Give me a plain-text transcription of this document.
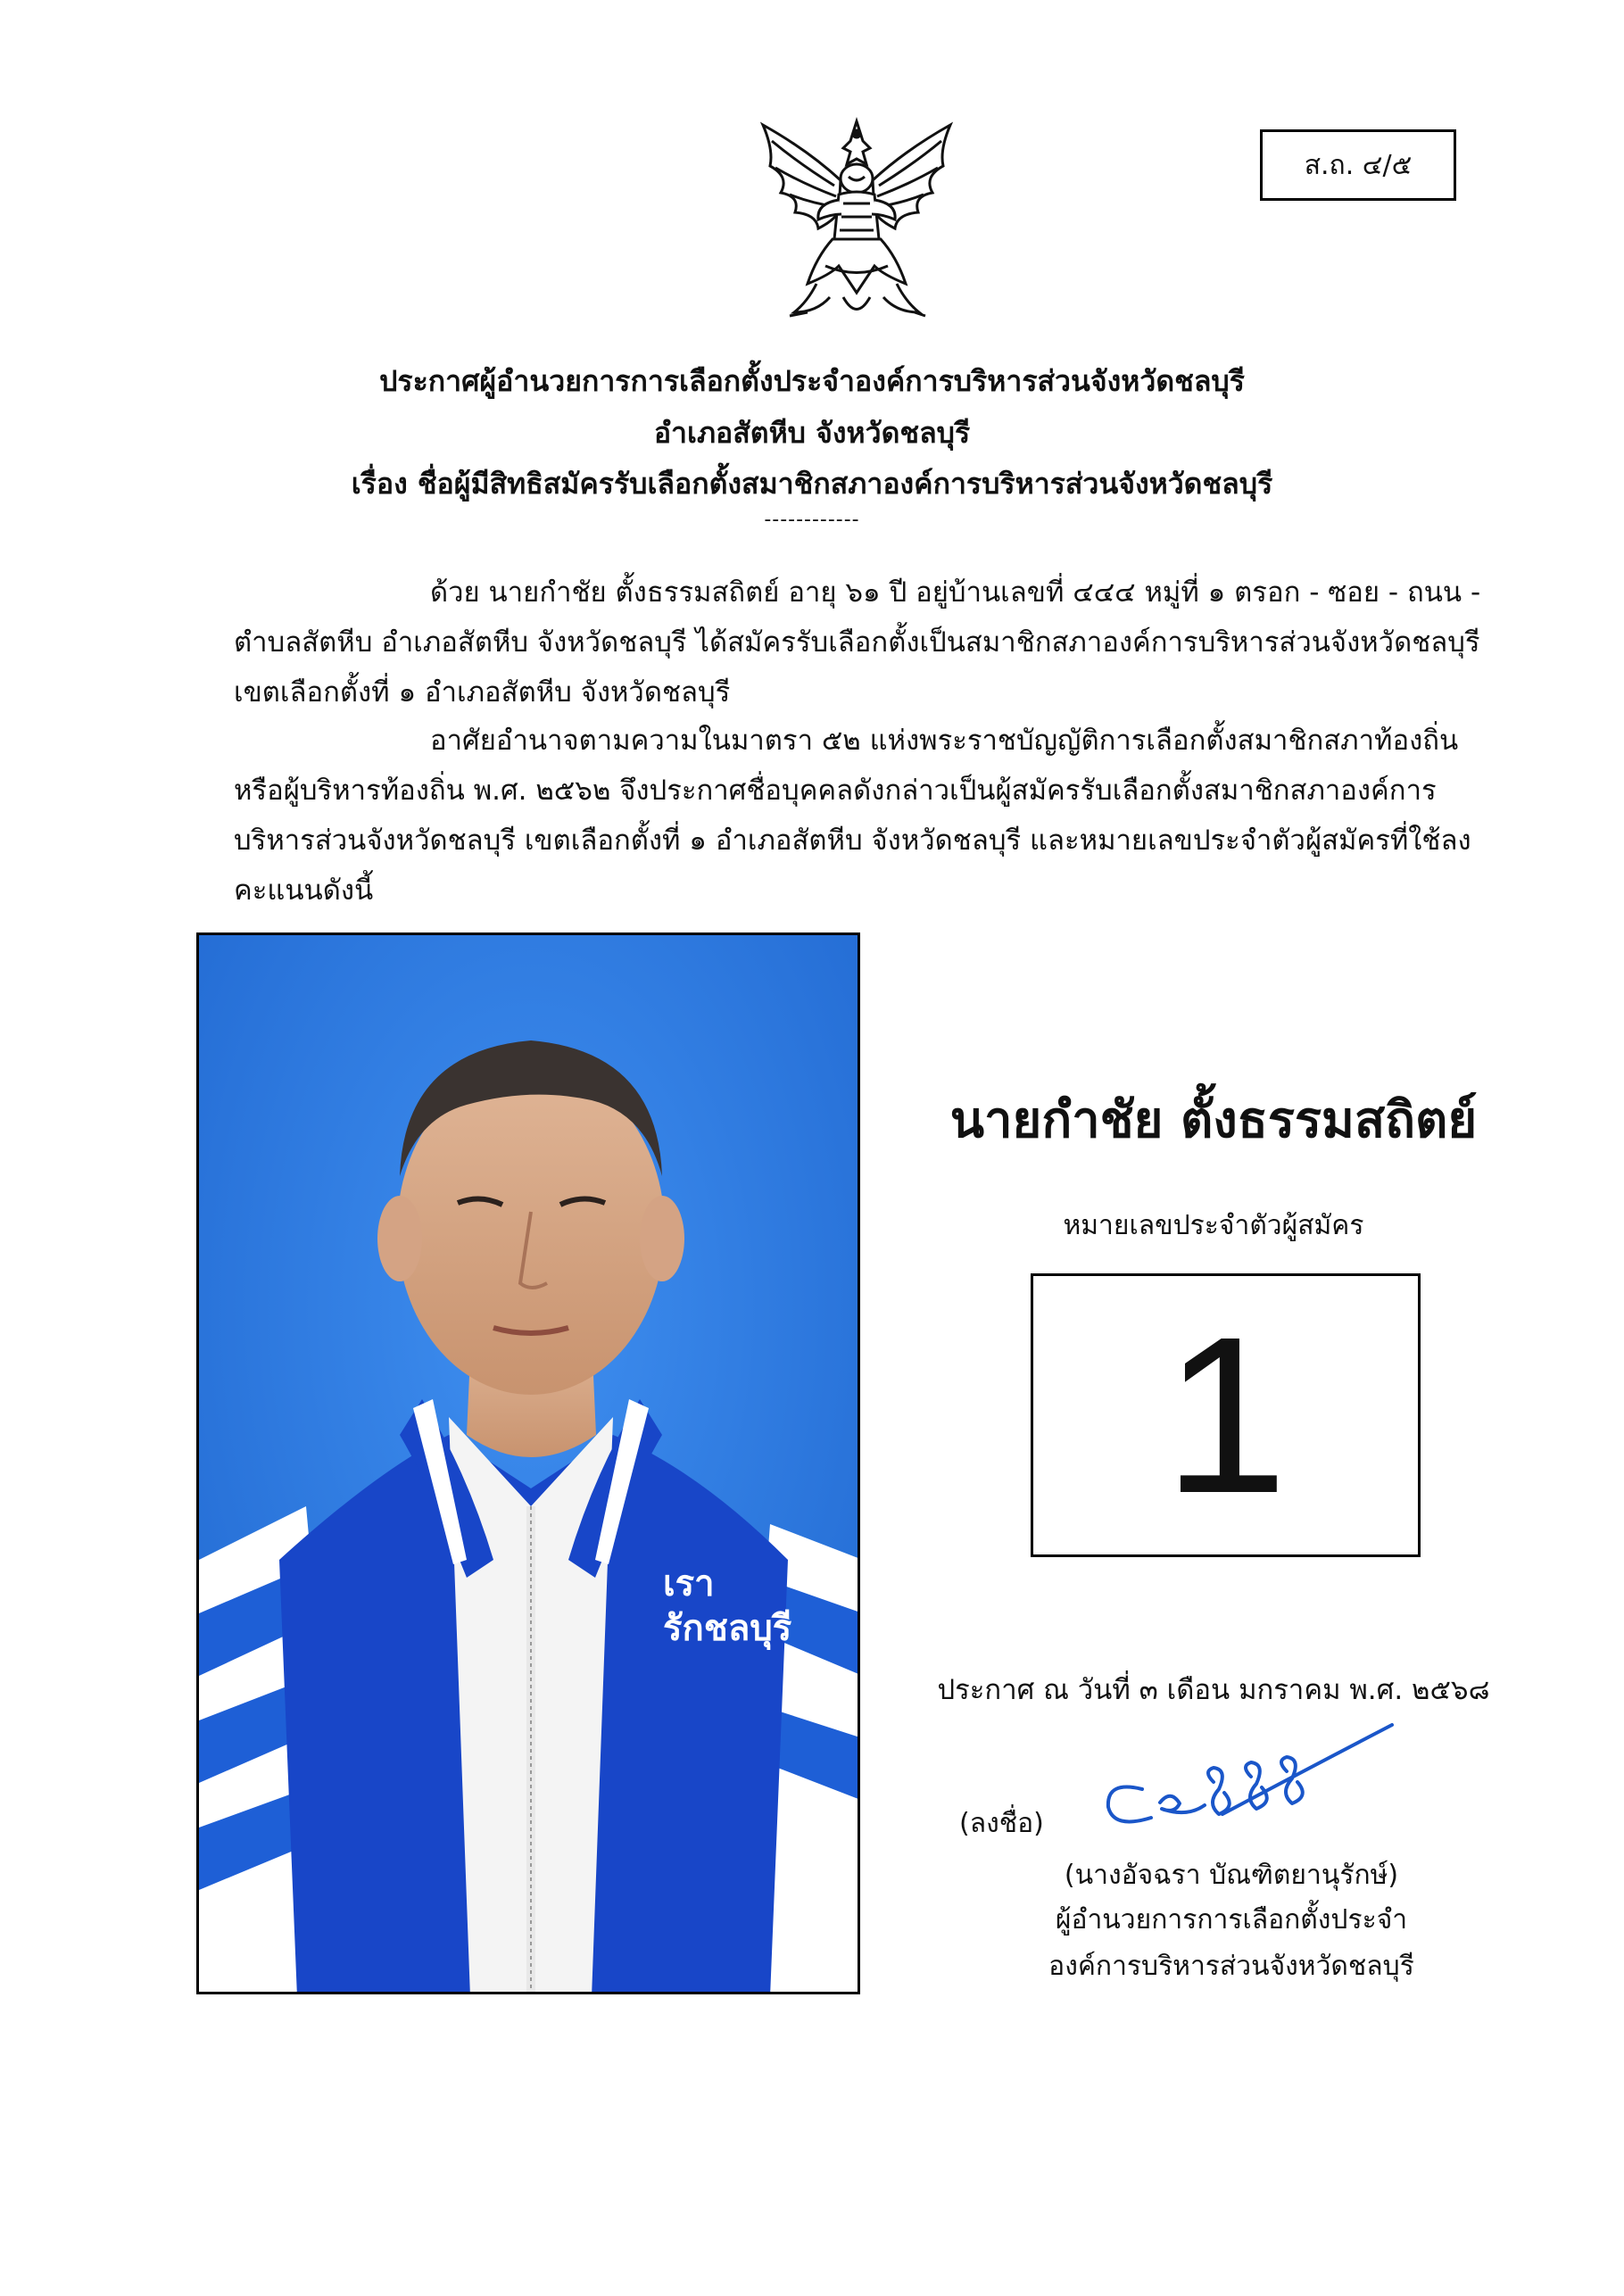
ส.ถ. ๔/๕
ประกาศผู้อำนวยการการเลือกตั้งประจำองค์การบริหารส่วนจังหวัดชลบุรี
อำเภอสัตหีบ จังหวัดชลบุรี
เรื่อง ชื่อผู้มีสิทธิสมัครรับเลือกตั้งสมาชิกสภาองค์การบริหารส่วนจังหวัดชลบุรี
------------
ด้วย นายกำชัย ตั้งธรรมสถิตย์ อายุ ๖๑ ปี อยู่บ้านเลขที่ ๔๔๔ หมู่ที่ ๑ ตรอก - ซอย - ถนน - ตำบลสัตหีบ อำเภอสัตหีบ จังหวัดชลบุรี ได้สมัครรับเลือกตั้งเป็นสมาชิกสภาองค์การบริหารส่วนจังหวัดชลบุรี เขตเลือกตั้งที่ ๑ อำเภอสัตหีบ จังหวัดชลบุรี
อาศัยอำนาจตามความในมาตรา ๕๒ แห่งพระราชบัญญัติการเลือกตั้งสมาชิกสภาท้องถิ่นหรือผู้บริหารท้องถิ่น พ.ศ. ๒๕๖๒ จึงประกาศชื่อบุคคลดังกล่าวเป็นผู้สมัครรับเลือกตั้งสมาชิกสภาองค์การบริหารส่วนจังหวัดชลบุรี เขตเลือกตั้งที่ ๑ อำเภอสัตหีบ จังหวัดชลบุรี และหมายเลขประจำตัวผู้สมัครที่ใช้ลงคะแนนดังนี้
เรา
รักชลบุรี
นายกำชัย ตั้งธรรมสถิตย์
หมายเลขประจำตัวผู้สมัคร
1
ประกาศ ณ วันที่ ๓ เดือน มกราคม พ.ศ. ๒๕๖๘
(ลงชื่อ)
(นางอัจฉรา บัณฑิตยานุรักษ์)
ผู้อำนวยการการเลือกตั้งประจำ
องค์การบริหารส่วนจังหวัดชลบุรี
